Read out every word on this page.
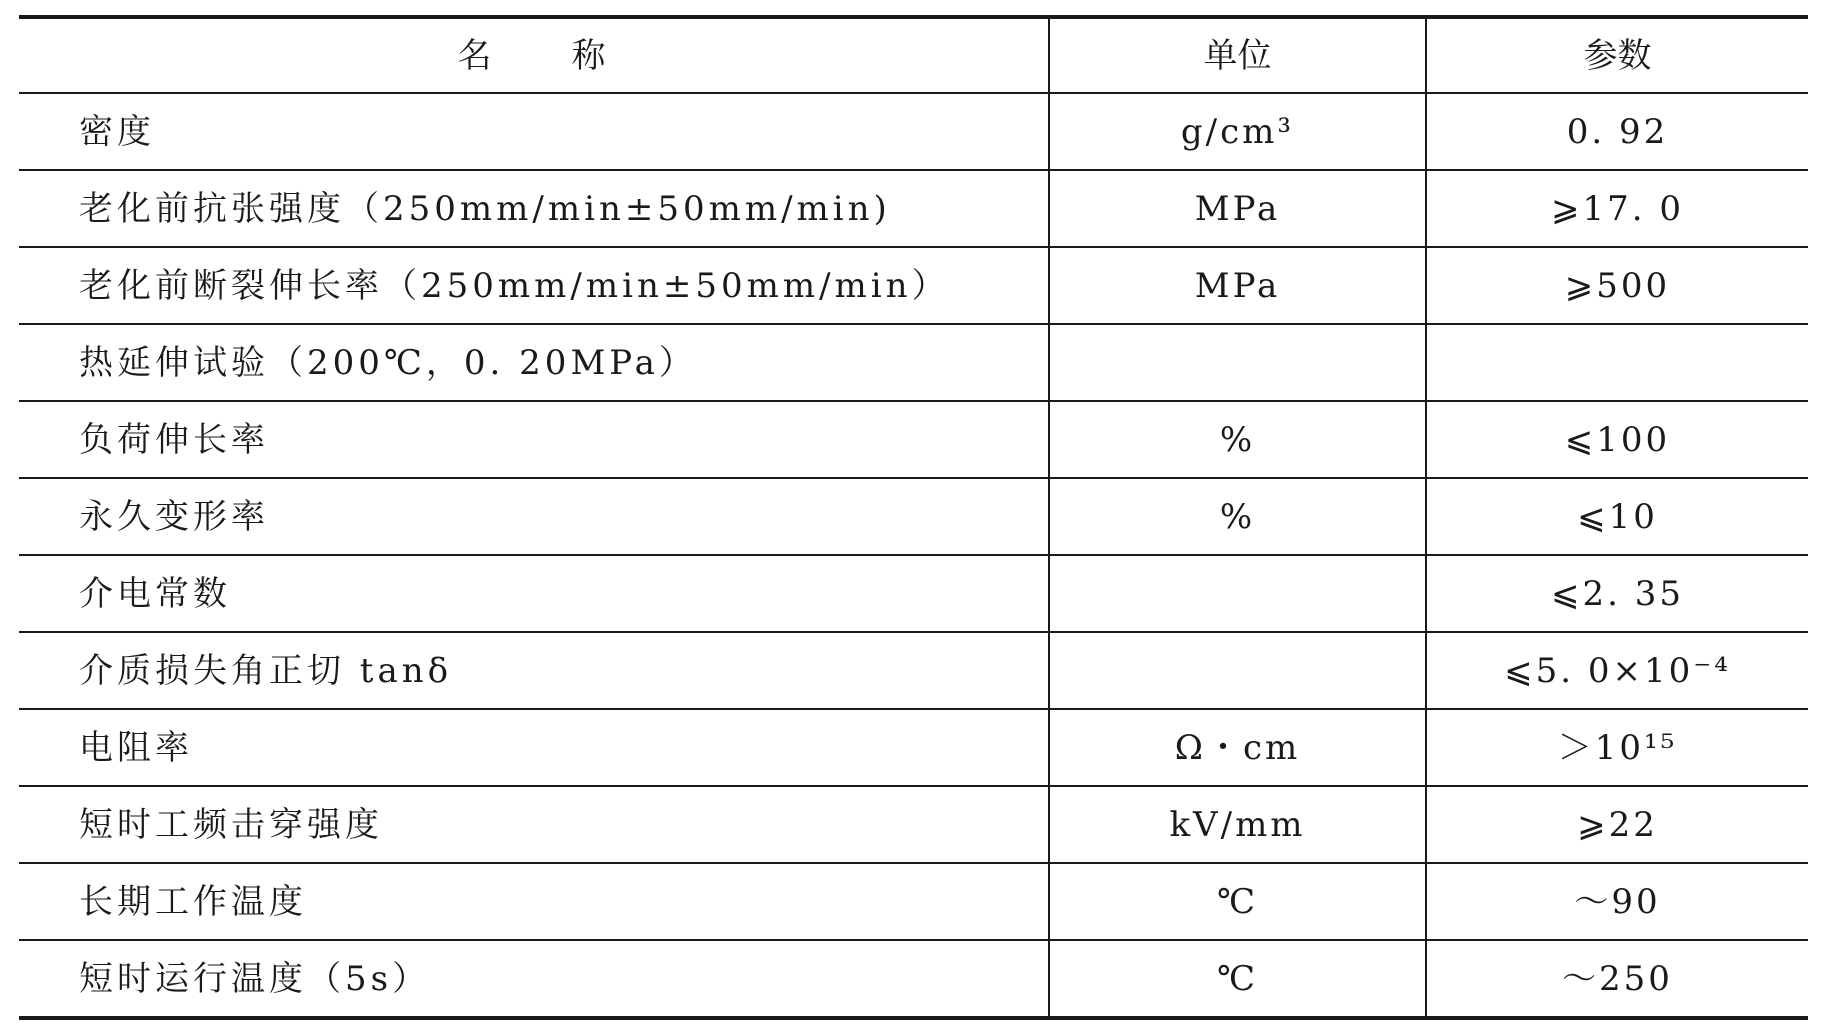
名 称	单位	参数
密度	g/cm³	0. 92
老化前抗张强度（250mm/min±50mm/min)	MPa	⩾17. 0
老化前断裂伸长率（250mm/min±50mm/min）	MPa	⩾500
热延伸试验（200℃，0. 20MPa）		
负荷伸长率	%	⩽100
永久变形率	%	⩽10
介电常数		⩽2. 35
介质损失角正切 tanδ		⩽5. 0×10⁻⁴
电阻率	Ω・cm	＞10¹⁵
短时工频击穿强度	kV/mm	⩾22
长期工作温度	℃	～90
短时运行温度（5s）	℃	～250
